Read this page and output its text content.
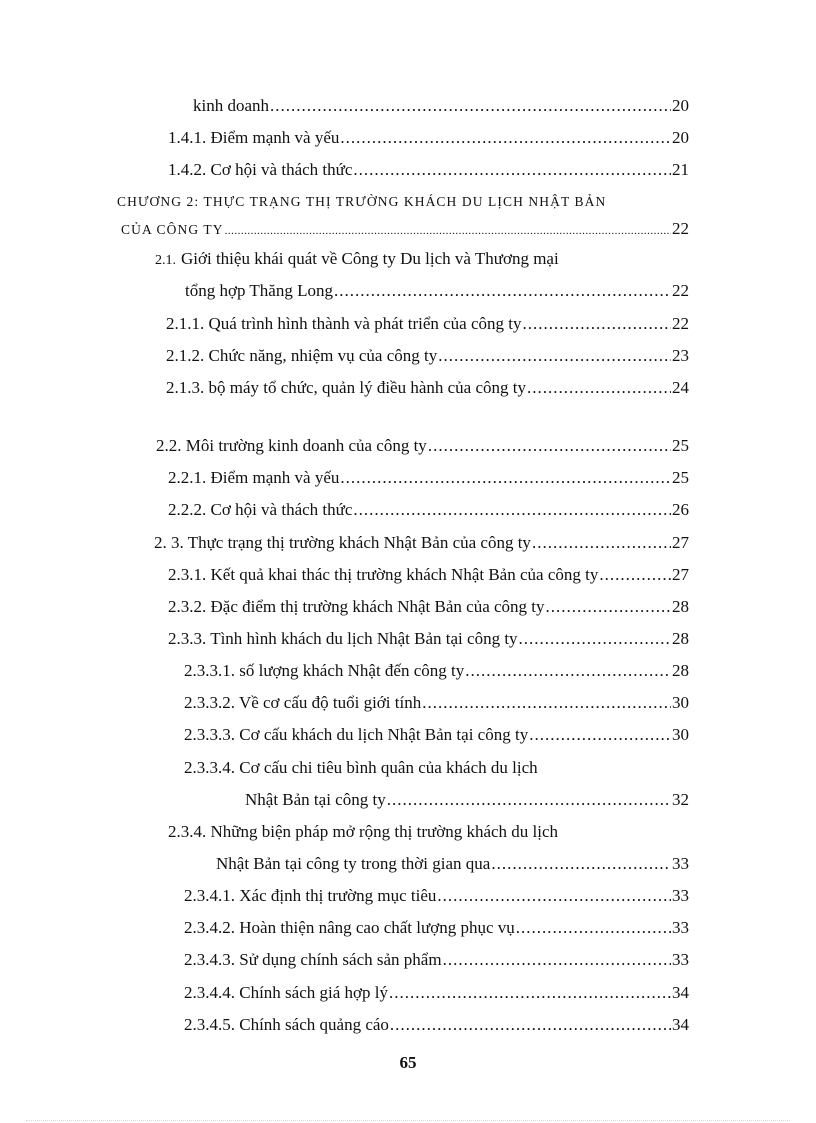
kinh doanh .....	20
1.4.1. Điểm mạnh và yếu .....	20
1.4.2. Cơ hội và thách thức .....	21
CHƯƠNG 2: THỰC TRẠNG THỊ TRƯỜNG KHÁCH DU LỊCH NHẬT BẢN
CỦA CÔNG TY .....	22
2.1. Giới thiệu khái quát về Công ty Du lịch và Thương mại
tổng hợp Thăng Long .....	22
2.1.1. Quá trình hình thành và phát triển của công ty .....	22
2.1.2. Chức năng, nhiệm vụ của công ty .....	23
2.1.3. bộ máy tổ chức, quản lý điều hành của công ty .....	24
2.2. Môi trường kinh doanh của công ty .....	25
2.2.1. Điểm mạnh và yếu .....	25
2.2.2. Cơ hội và thách thức .....	26
2. 3. Thực trạng thị trường khách Nhật Bản của công ty .....	27
2.3.1. Kết quả khai thác thị trường khách Nhật Bản của công ty .....	27
2.3.2. Đặc điểm thị trường khách Nhật Bản của công ty .....	28
2.3.3. Tình hình khách du lịch Nhật Bản tại công ty .....	28
2.3.3.1. số lượng khách Nhật đến công ty .....	28
2.3.3.2. Về cơ cấu độ tuổi giới tính .....	30
2.3.3.3. Cơ cấu khách du lịch Nhật Bản tại công ty .....	30
2.3.3.4. Cơ cấu chi tiêu bình quân của khách du lịch
Nhật Bản tại công ty .....	32
2.3.4. Những biện pháp mở rộng thị trường khách du lịch
Nhật Bản tại công ty trong thời gian qua .....	33
2.3.4.1. Xác định thị trường mục tiêu .....	33
2.3.4.2. Hoàn thiện nâng cao chất lượng phục vụ .....	33
2.3.4.3. Sử dụng chính sách sản phẩm .....	33
2.3.4.4. Chính sách giá hợp lý .....	34
2.3.4.5. Chính sách quảng cáo .....	34
65
